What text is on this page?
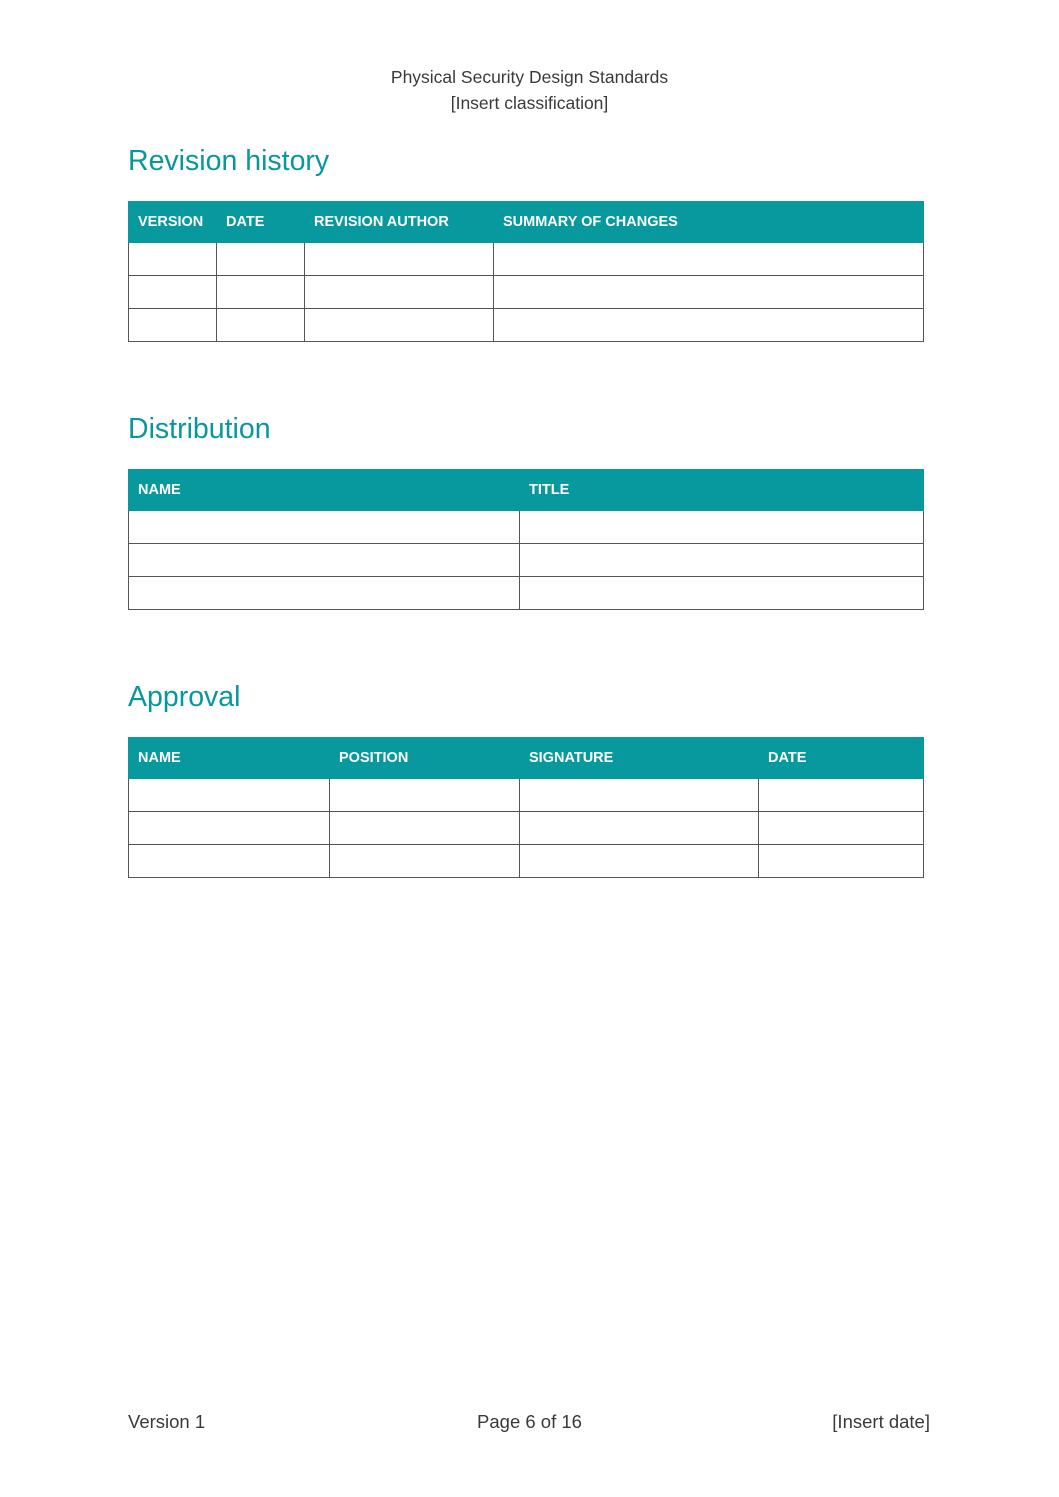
Physical Security Design Standards
[Insert classification]
Revision history
VERSION	DATE	REVISION AUTHOR	SUMMARY OF CHANGES

Distribution
NAME	TITLE

Approval
NAME	POSITION	SIGNATURE	DATE

Version 1	Page 6 of 16	[Insert date]
